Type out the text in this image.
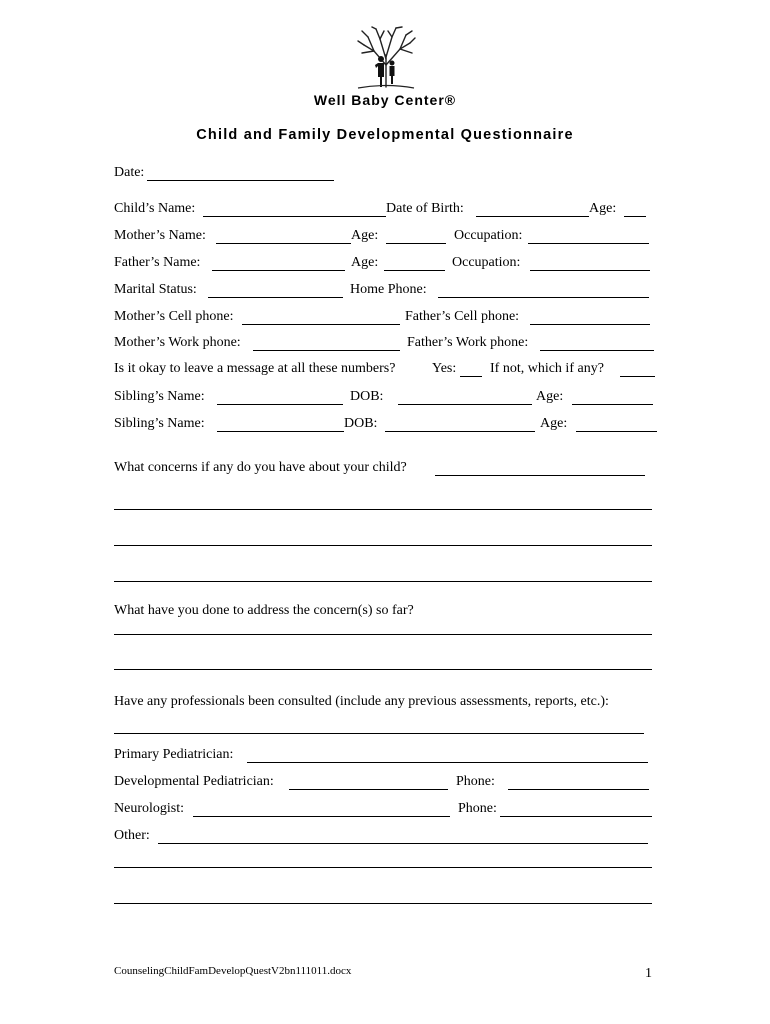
Well Baby Center®
Child and Family Developmental Questionnaire
Date:
Child’s Name:	Date of Birth:	Age:
Mother’s Name:	Age:	Occupation:
Father’s Name:	Age:	Occupation:
Marital Status:	Home Phone:
Mother’s Cell phone:	Father’s Cell phone:
Mother’s Work phone:	Father’s Work phone:
Is it okay to leave a message at all these numbers?	Yes: If not, which if any?
Sibling’s Name:	DOB:	Age:
Sibling’s Name:	DOB:	Age:
What concerns if any do you have about your child?
What have you done to address the concern(s) so far?
Have any professionals been consulted (include any previous assessments, reports, etc.):
Primary Pediatrician:
Developmental Pediatrician:	Phone:
Neurologist:	Phone:
Other:
CounselingChildFamDevelopQuestV2bn111011.docx	1
